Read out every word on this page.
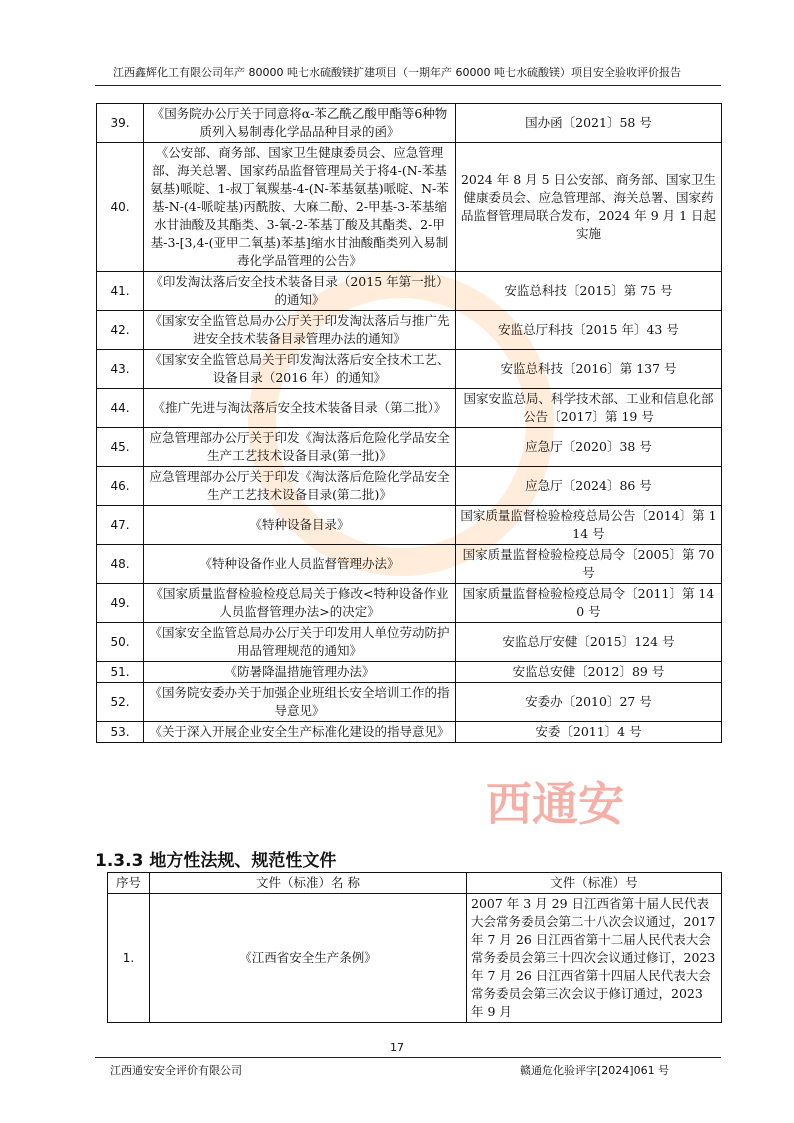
江西鑫辉化工有限公司年产 80000 吨七水硫酸镁扩建项目（一期年产 60000 吨七水硫酸镁）项目安全验收评价报告
西通安
39.	《国务院办公厅关于同意将α-苯乙酰乙酸甲酯等6种物质列入易制毒化学品品种目录的函》	国办函〔2021〕58 号
40.	《公安部、商务部、国家卫生健康委员会、应急管理部、海关总署、国家药品监督管理局关于将4-(N-苯基氨基)哌啶、1-叔丁氧羰基-4-(N-苯基氨基)哌啶、N-苯基-N-(4-哌啶基)丙酰胺、大麻二酚、2-甲基-3-苯基缩水甘油酸及其酯类、3-氧-2-苯基丁酸及其酯类、2-甲基-3-[3,4-(亚甲二氧基)苯基]缩水甘油酸酯类列入易制毒化学品管理的公告》	2024 年 8 月 5 日公安部、商务部、国家卫生健康委员会、应急管理部、海关总署、国家药品监督管理局联合发布，2024 年 9 月 1 日起实施
41.	《印发淘汰落后安全技术装备目录（2015 年第一批）的通知》	安监总科技〔2015〕第 75 号
42.	《国家安全监管总局办公厅关于印发淘汰落后与推广先进安全技术装备目录管理办法的通知》	安监总厅科技〔2015 年〕43 号
43.	《国家安全监管总局关于印发淘汰落后安全技术工艺、设备目录（2016 年）的通知》	安监总科技〔2016〕第 137 号
44.	《推广先进与淘汰落后安全技术装备目录（第二批）》	国家安监总局、科学技术部、工业和信息化部公告〔2017〕第 19 号
45.	应急管理部办公厅关于印发《淘汰落后危险化学品安全生产工艺技术设备目录(第一批)》	应急厅〔2020〕38 号
46.	应急管理部办公厅关于印发《淘汰落后危险化学品安全生产工艺技术设备目录(第二批)》	应急厅〔2024〕86 号
47.	《特种设备目录》	国家质量监督检验检疫总局公告〔2014〕第 114 号
48.	《特种设备作业人员监督管理办法》	国家质量监督检验检疫总局令〔2005〕第 70 号
49.	《国家质量监督检验检疫总局关于修改<特种设备作业人员监督管理办法>的决定》	国家质量监督检验检疫总局令〔2011〕第 140 号
50.	《国家安全监管总局办公厅关于印发用人单位劳动防护用品管理规范的通知》	安监总厅安健〔2015〕124 号
51.	《防暑降温措施管理办法》	安监总安健〔2012〕89 号
52.	《国务院安委办关于加强企业班组长安全培训工作的指导意见》	安委办〔2010〕27 号
53.	《关于深入开展企业安全生产标准化建设的指导意见》	安委〔2011〕4 号
1.3.3 地方性法规、规范性文件
序号	文件（标准）名 称	文件（标准）号
1.	《江西省安全生产条例》	2007 年 3 月 29 日江西省第十届人民代表大会常务委员会第二十八次会议通过，2017 年 7 月 26 日江西省第十二届人民代表大会常务委员会第三十四次会议通过修订，2023 年 7 月 26 日江西省第十四届人民代表大会常务委员会第三次会议于修订通过，2023 年 9 月
17
江西通安安全评价有限公司	赣通危化验评字[2024]061 号
